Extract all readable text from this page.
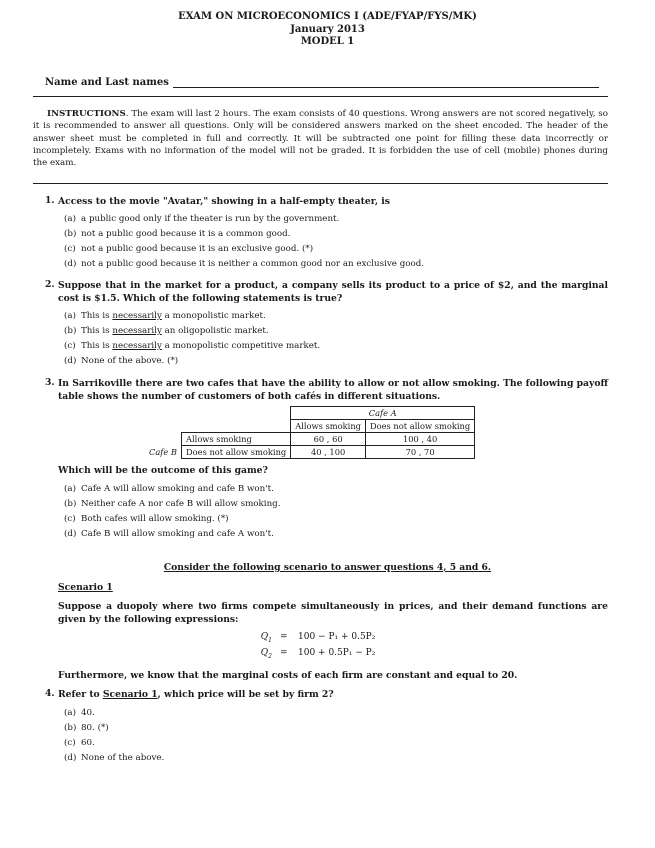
EXAM ON MICROECONOMICS I (ADE/FYAP/FYS/MK)
January 2013
MODEL 1
Name and Last names
INSTRUCTIONS. The exam will last 2 hours. The exam consists of 40 questions. Wrong answers are not scored negatively, so it is recommended to answer all questions. Only will be considered answers marked on the sheet encoded. The header of the answer sheet must be completed in full and correctly. It will be subtracted one point for filling these data incorrectly or incompletely. Exams with no information of the model will not be graded. It is forbidden the use of cell (mobile) phones during the exam.
1. Access to the movie "Avatar," showing in a half-empty theater, is
(a) a public good only if the theater is run by the government.
(b) not a public good because it is a common good.
(c) not a public good because it is an exclusive good. (*)
(d) not a public good because it is neither a common good nor an exclusive good.
2. Suppose that in the market for a product, a company sells its product to a price of $2, and the marginal cost is $1.5. Which of the following statements is true?
(a) This is necessarily a monopolistic market.
(b) This is necessarily an oligopolistic market.
(c) This is necessarily a monopolistic competitive market.
(d) None of the above. (*)
3. In Sarrikoville there are two cafes that have the ability to allow or not allow smoking. The following payoff table shows the number of customers of both cafés in different situations.
		Cafe A	
		Allows smoking	Does not allow smoking
	Allows smoking	60 , 60	100 , 40
Cafe B	Does not allow smoking	40 , 100	70 , 70
Which will be the outcome of this game?
(a) Cafe A will allow smoking and cafe B won't.
(b) Neither cafe A nor cafe B will allow smoking.
(c) Both cafes will allow smoking. (*)
(d) Cafe B will allow smoking and cafe A won't.
Consider the following scenario to answer questions 4, 5 and 6.
Scenario 1
Suppose a duopoly where two firms compete simultaneously in prices, and their demand functions are given by the following expressions:
$Q_1 = 100 - P_1 + 0.5P_2$
$Q_2 = 100 + 0.5P_1 - P_2$
Furthermore, we know that the marginal costs of each firm are constant and equal to 20.
4. Refer to Scenario 1, which price will be set by firm 2?
(a) 40.
(b) 80. (*)
(c) 60.
(d) None of the above.
